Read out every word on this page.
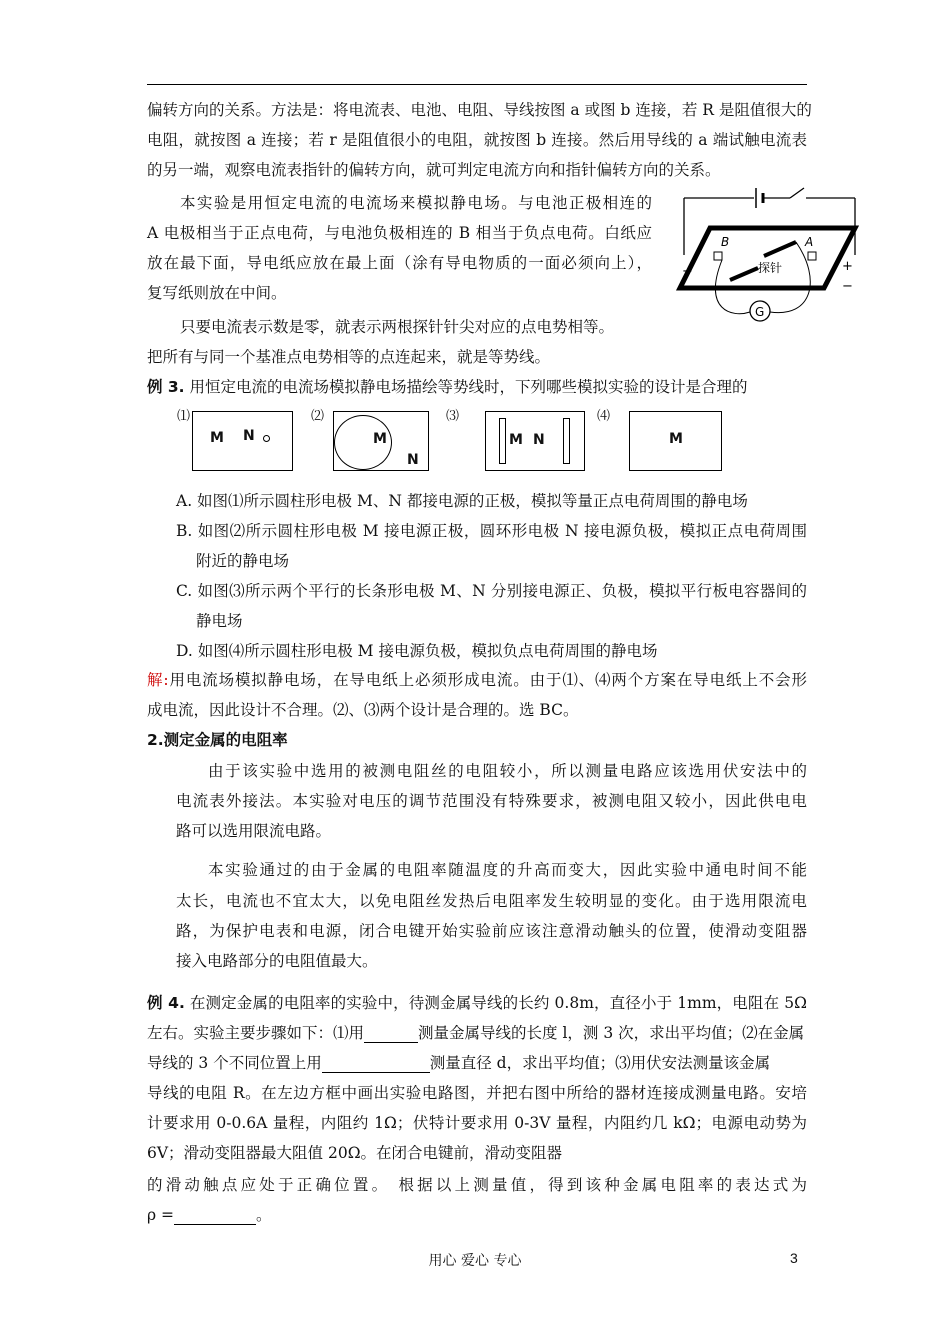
偏转方向的关系。方法是：将电流表、电池、电阻、导线按图 a 或图 b 连接，若 R 是阻值很大的
电阻，就按图 a 连接；若 r 是阻值很小的电阻，就按图 b 连接。然后用导线的 a 端试触电流表
的另一端，观察电流表指针的偏转方向，就可判定电流方向和指针偏转方向的关系。
本实验是用恒定电流的电流场来模拟静电场。与电池正极相连的
A 电极相当于正点电荷，与电池负极相连的 B 相当于负点电荷。白纸应
放在最下面，导电纸应放在最上面（涂有导电物质的一面必须向上），
复写纸则放在中间。
B	A
探针	+
−
−
G
只要电流表示数是零，就表示两根探针针尖对应的点电势相等。
把所有与同一个基准点电势相等的点连起来，就是等势线。
例 3. 用恒定电流的电流场模拟静电场描绘等势线时，下列哪些模拟实验的设计是合理的
⑴
M N
⑵
M
N
⑶
M N
⑷
M
A. 如图⑴所示圆柱形电极 M、N 都接电源的正极，模拟等量正点电荷周围的静电场
B. 如图⑵所示圆柱形电极 M 接电源正极，圆环形电极 N 接电源负极，模拟正点电荷周围
附近的静电场
C. 如图⑶所示两个平行的长条形电极 M、N 分别接电源正、负极，模拟平行板电容器间的
静电场
D. 如图⑷所示圆柱形电极 M 接电源负极，模拟负点电荷周围的静电场
解:用电流场模拟静电场，在导电纸上必须形成电流。由于⑴、⑷两个方案在导电纸上不会形
成电流，因此设计不合理。⑵、⑶两个设计是合理的。选 BC。
2.测定金属的电阻率
由于该实验中选用的被测电阻丝的电阻较小，所以测量电路应该选用伏安法中的
电流表外接法。本实验对电压的调节范围没有特殊要求，被测电阻又较小，因此供电电
路可以选用限流电路。
本实验通过的由于金属的电阻率随温度的升高而变大，因此实验中通电时间不能
太长，电流也不宜太大，以免电阻丝发热后电阻率发生较明显的变化。由于选用限流电
路，为保护电表和电源，闭合电键开始实验前应该注意滑动触头的位置，使滑动变阻器
接入电路部分的电阻值最大。
例 4. 在测定金属的电阻率的实验中，待测金属导线的长约 0.8m，直径小于 1mm，电阻在 5Ω
左右。实验主要步骤如下：⑴用	测量金属导线的长度 l，测 3 次，求出平均值；⑵在金属
导线的 3 个不同位置上用	测量直径 d，求出平均值；⑶用伏安法测量该金属
导线的电阻 R。在左边方框中画出实验电路图，并把右图中所给的器材连接成测量电路。安培
计要求用 0-0.6A 量程，内阻约 1Ω；伏特计要求用 0-3V 量程，内阻约几 kΩ；电源电动势为
6V；滑动变阻器最大阻值 20Ω。在闭合电键前，滑动变阻器
的滑动触点应处于正确位置。 根据以上测量值，得到该种金属电阻率的表达式为
ρ =	。
用心 爱心 专心	3
